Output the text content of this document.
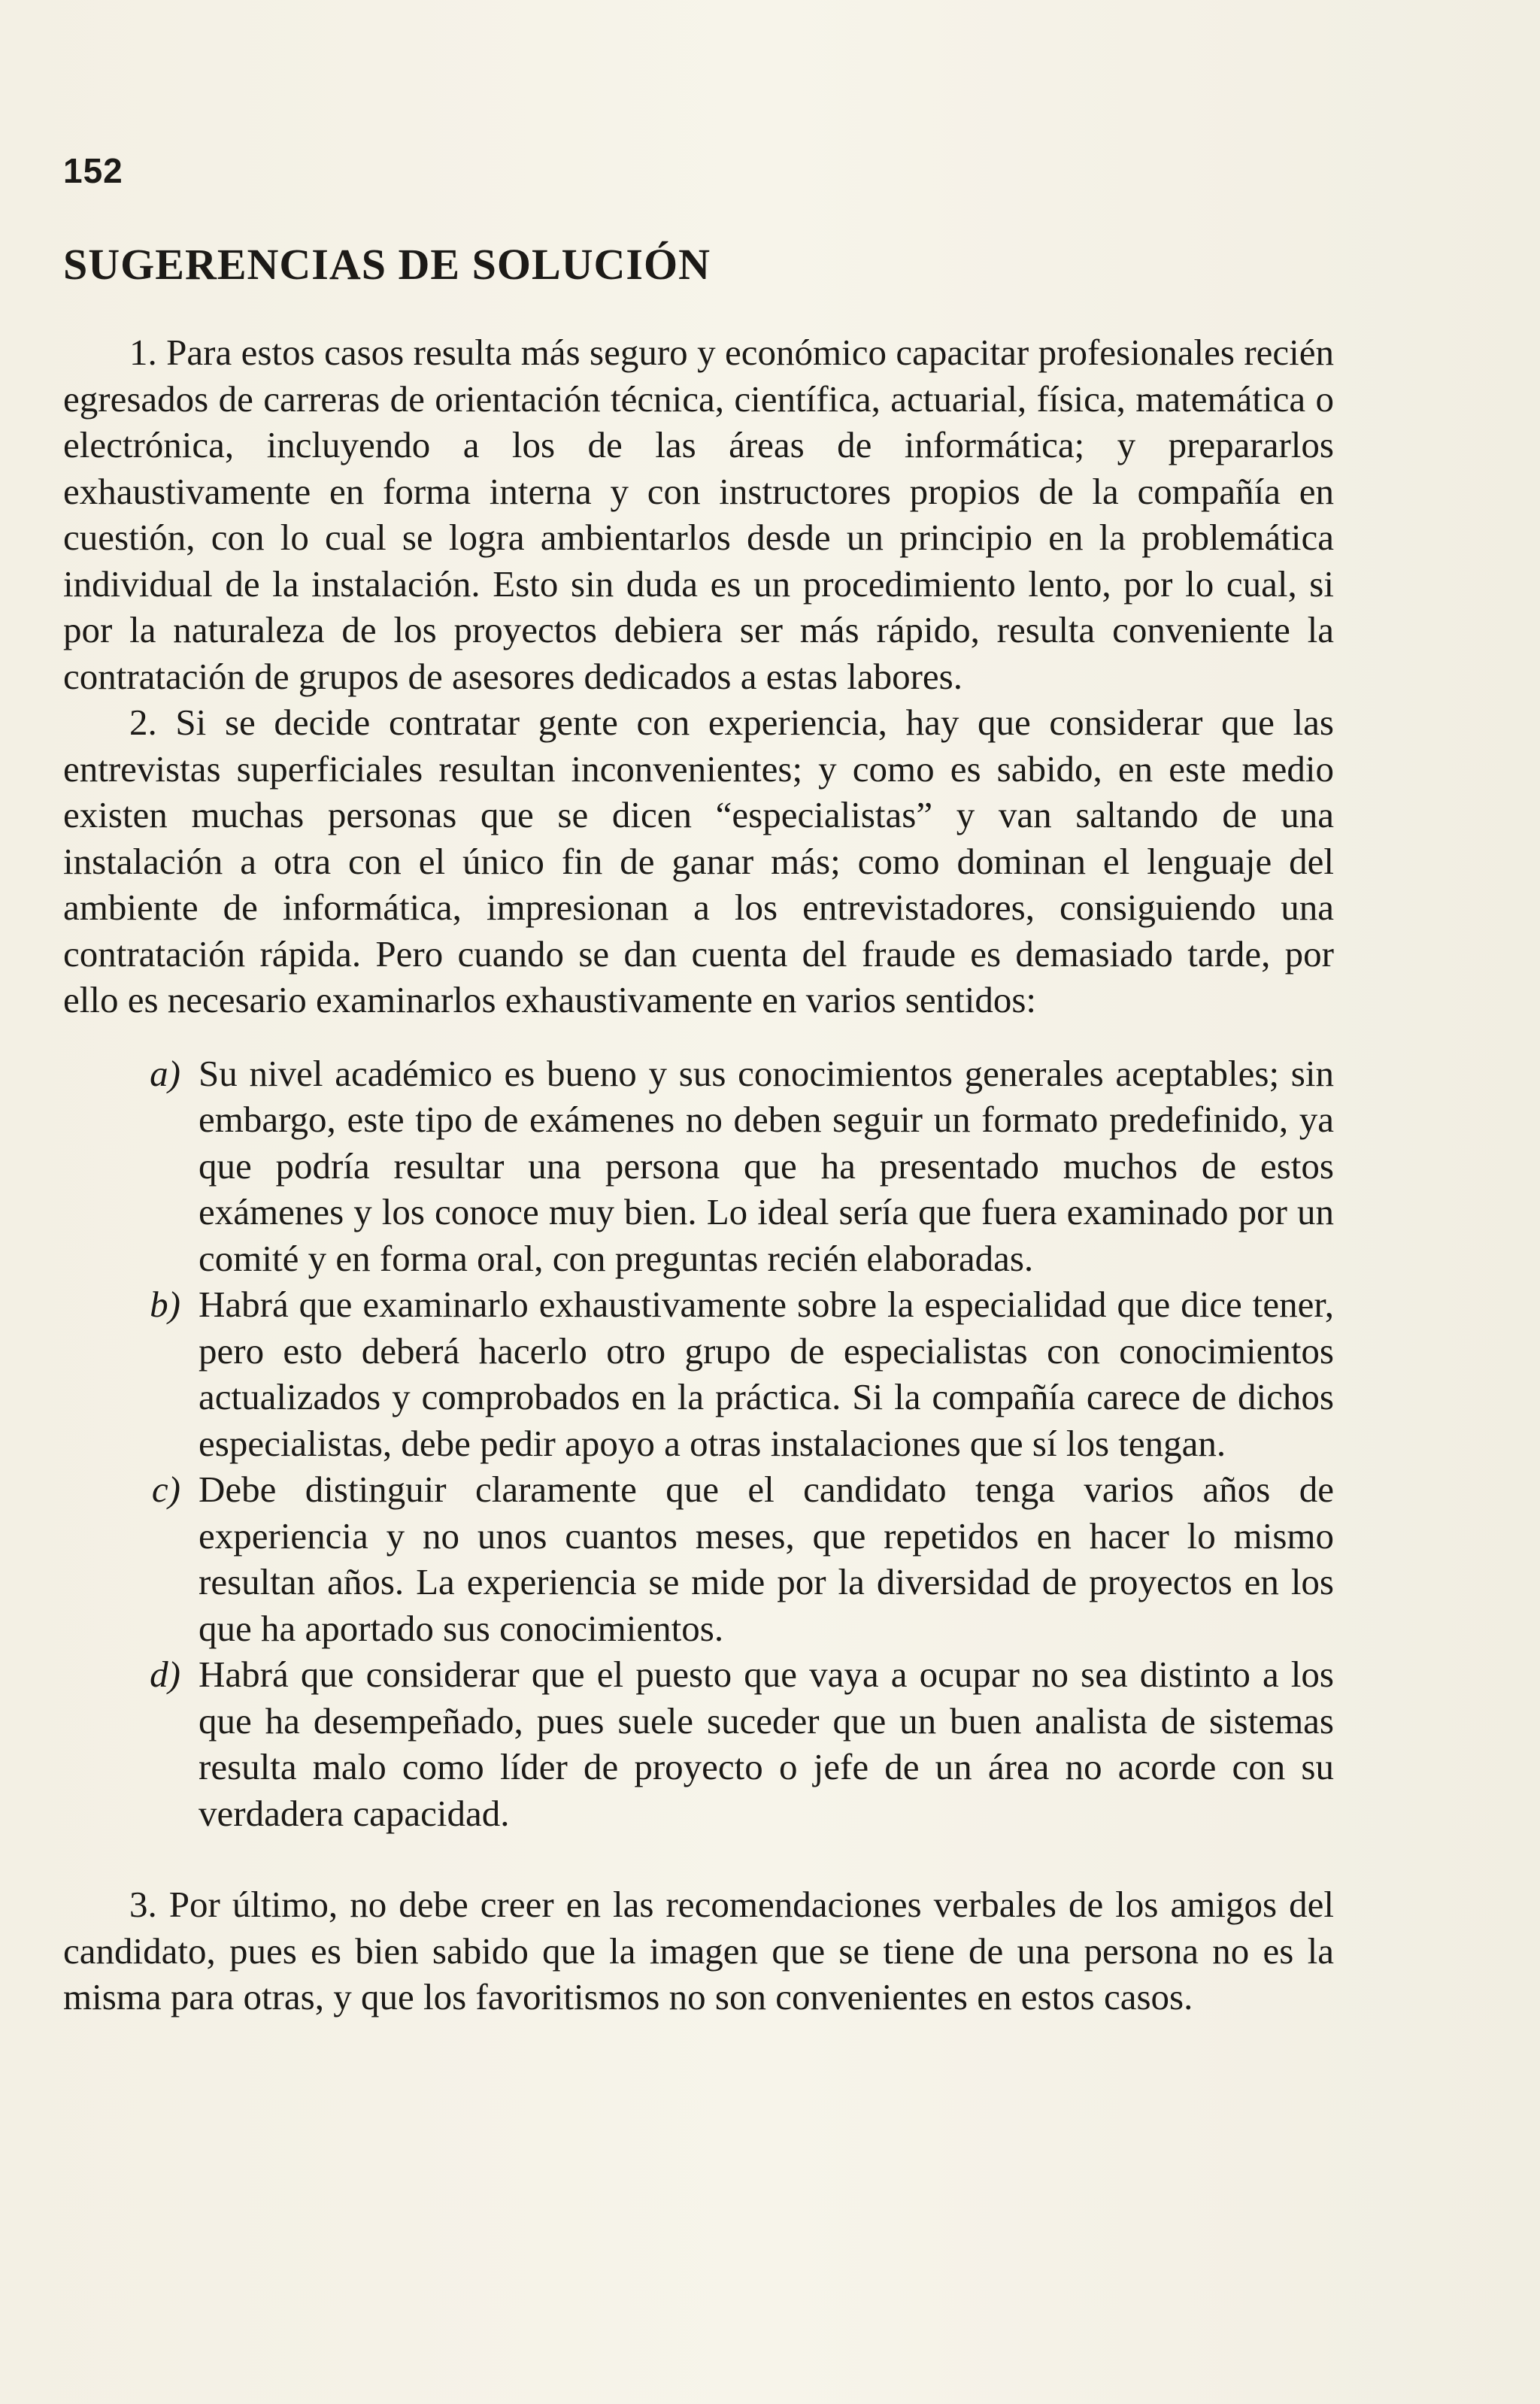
152
SUGERENCIAS DE SOLUCIÓN

1. Para estos casos resulta más seguro y económico capacitar profesionales recién egresados de carreras de orientación técnica, científica, actuarial, física, matemática o electrónica, incluyendo a los de las áreas de informática; y prepararlos exhaustivamente en forma interna y con instructores propios de la compañía en cuestión, con lo cual se logra ambientarlos desde un principio en la problemática individual de la instalación. Esto sin duda es un procedimiento lento, por lo cual, si por la naturaleza de los proyectos debiera ser más rápido, resulta conveniente la contratación de grupos de asesores dedicados a estas labores.

2. Si se decide contratar gente con experiencia, hay que considerar que las entrevistas superficiales resultan inconvenientes; y como es sabido, en este medio existen muchas personas que se dicen “especialistas” y van saltando de una instalación a otra con el único fin de ganar más; como dominan el lenguaje del ambiente de informática, impresionan a los entrevistadores, consiguiendo una contratación rápida. Pero cuando se dan cuenta del fraude es demasiado tarde, por ello es necesario examinarlos exhaustivamente en varios sentidos:

a) Su nivel académico es bueno y sus conocimientos generales aceptables; sin embargo, este tipo de exámenes no deben seguir un formato predefinido, ya que podría resultar una persona que ha presentado muchos de estos exámenes y los conoce muy bien. Lo ideal sería que fuera examinado por un comité y en forma oral, con preguntas recién elaboradas.
b) Habrá que examinarlo exhaustivamente sobre la especialidad que dice tener, pero esto deberá hacerlo otro grupo de especialistas con conocimientos actualizados y comprobados en la práctica. Si la compañía carece de dichos especialistas, debe pedir apoyo a otras instalaciones que sí los tengan.
c) Debe distinguir claramente que el candidato tenga varios años de experiencia y no unos cuantos meses, que repetidos en hacer lo mismo resultan años. La experiencia se mide por la diversidad de proyectos en los que ha aportado sus conocimientos.
d) Habrá que considerar que el puesto que vaya a ocupar no sea distinto a los que ha desempeñado, pues suele suceder que un buen analista de sistemas resulta malo como líder de proyecto o jefe de un área no acorde con su verdadera capacidad.

3. Por último, no debe creer en las recomendaciones verbales de los amigos del candidato, pues es bien sabido que la imagen que se tiene de una persona no es la misma para otras, y que los favoritismos no son convenientes en estos casos.
